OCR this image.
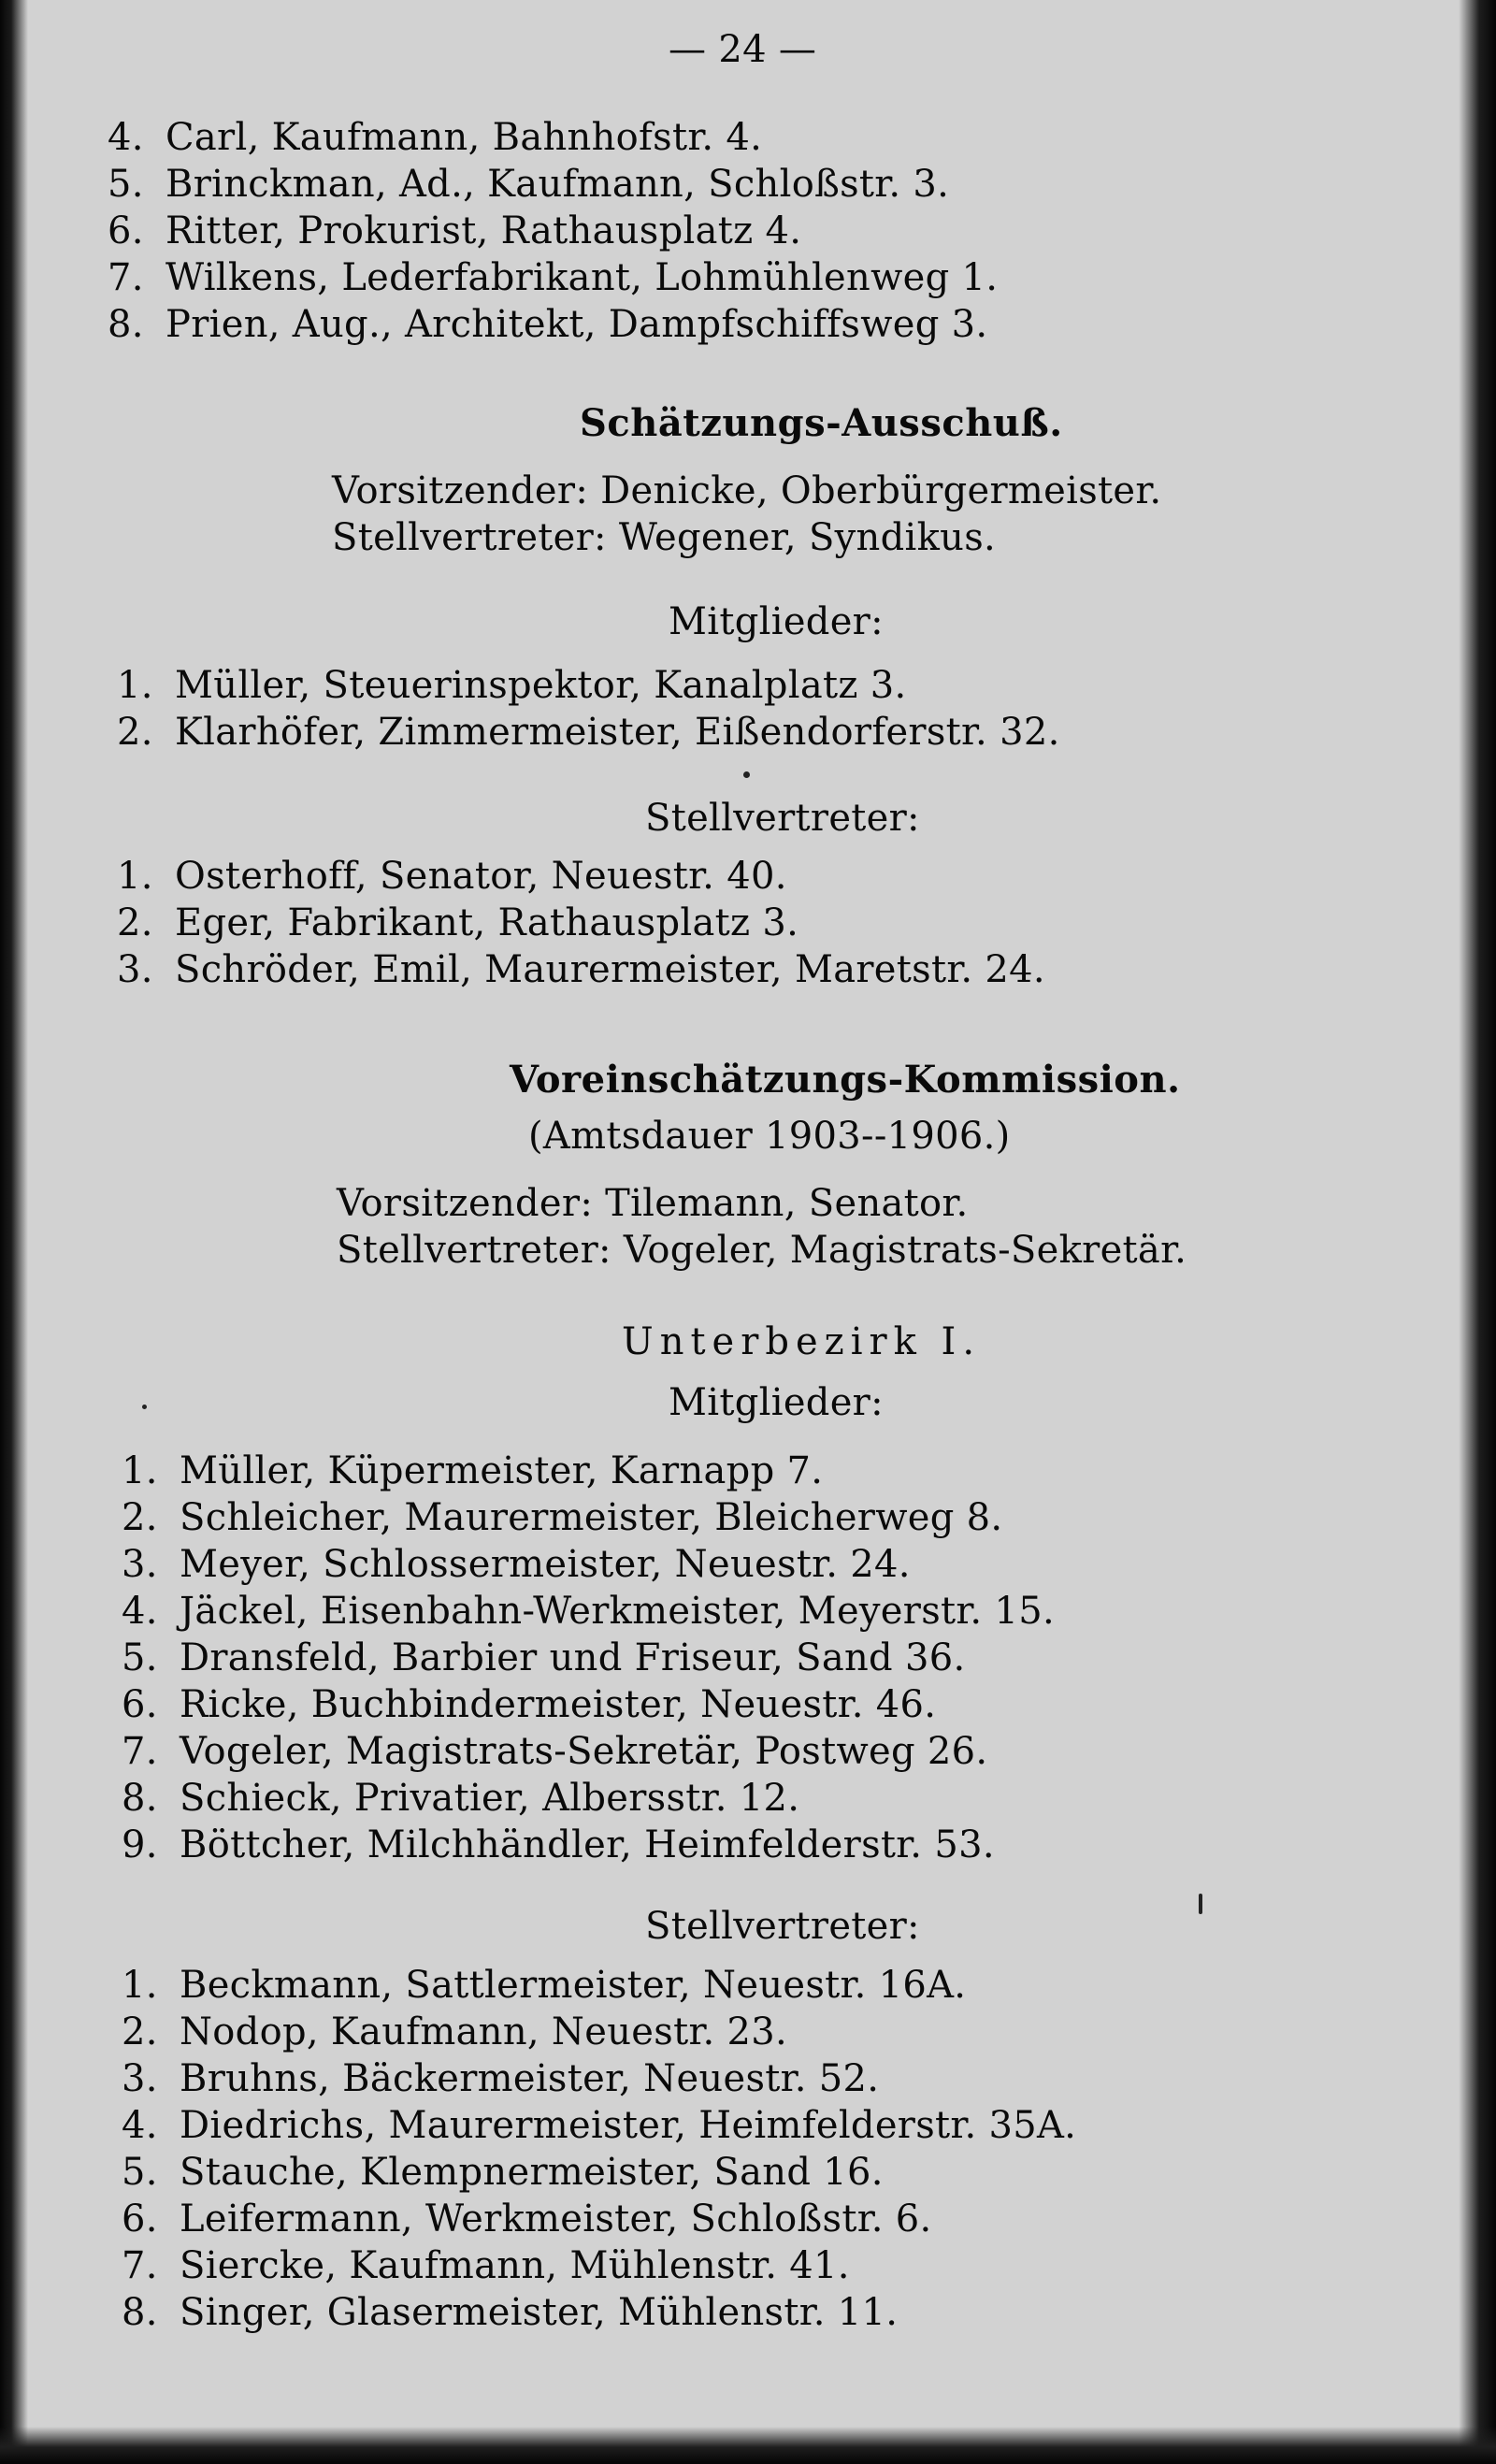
— 24 —
4. Carl, Kaufmann, Bahnhofstr. 4.
5. Brinckman, Ad., Kaufmann, Schloßstr. 3.
6. Ritter, Prokurist, Rathausplatz 4.
7. Wilkens, Lederfabrikant, Lohmühlenweg 1.
8. Prien, Aug., Architekt, Dampfschiffsweg 3.
Schätzungs-Ausschuß.
Vorsitzender: Denicke, Oberbürgermeister.
Stellvertreter: Wegener, Syndikus.
Mitglieder:
1. Müller, Steuerinspektor, Kanalplatz 3.
2. Klarhöfer, Zimmermeister, Eißendorferstr. 32.
Stellvertreter:
1. Osterhoff, Senator, Neuestr. 40.
2. Eger, Fabrikant, Rathausplatz 3.
3. Schröder, Emil, Maurermeister, Maretstr. 24.
Voreinschätzungs-Kommission.
(Amtsdauer 1903--1906.)
Vorsitzender: Tilemann, Senator.
Stellvertreter: Vogeler, Magistrats-Sekretär.
Unterbezirk I.
Mitglieder:
1. Müller, Küpermeister, Karnapp 7.
2. Schleicher, Maurermeister, Bleicherweg 8.
3. Meyer, Schlossermeister, Neuestr. 24.
4. Jäckel, Eisenbahn-Werkmeister, Meyerstr. 15.
5. Dransfeld, Barbier und Friseur, Sand 36.
6. Ricke, Buchbindermeister, Neuestr. 46.
7. Vogeler, Magistrats-Sekretär, Postweg 26.
8. Schieck, Privatier, Albersstr. 12.
9. Böttcher, Milchhändler, Heimfelderstr. 53.
Stellvertreter:
1. Beckmann, Sattlermeister, Neuestr. 16A.
2. Nodop, Kaufmann, Neuestr. 23.
3. Bruhns, Bäckermeister, Neuestr. 52.
4. Diedrichs, Maurermeister, Heimfelderstr. 35A.
5. Stauche, Klempnermeister, Sand 16.
6. Leifermann, Werkmeister, Schloßstr. 6.
7. Siercke, Kaufmann, Mühlenstr. 41.
8. Singer, Glasermeister, Mühlenstr. 11.
